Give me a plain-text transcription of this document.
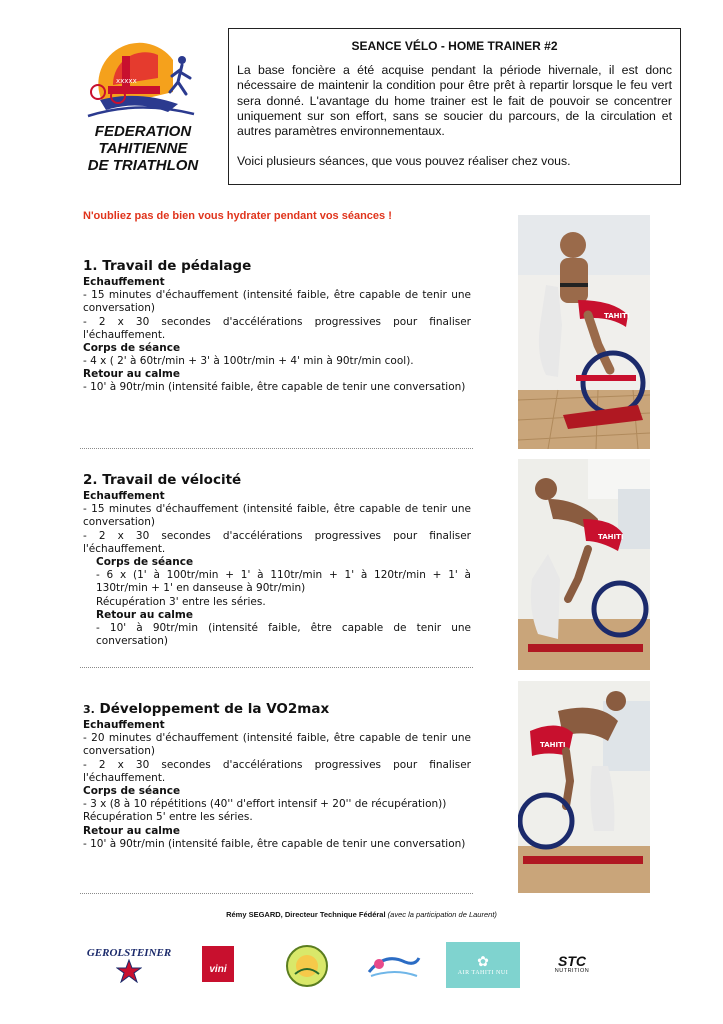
xxxxx
FEDERATION
TAHITIENNE
DE TRIATHLON
SEANCE VÉLO - HOME TRAINER #2

La base foncière a été acquise pendant la période hivernale, il est donc nécessaire de maintenir la condition pour être prêt à repartir lorsque le feu vert sera donné. L'avantage du home trainer est le fait de pouvoir se concentrer uniquement sur son effort, sans se soucier du parcours, de la circulation et autres paramètres environnementaux.

Voici plusieurs séances, que vous pouvez réaliser chez vous.

N'oubliez pas de bien vous hydrater pendant vos séances !
1. Travail de pédalage
Echauffement
- 15 minutes d'échauffement (intensité faible, être capable de tenir une conversation)
- 2 x 30 secondes d'accélérations progressives pour finaliser l'échauffement.
Corps de séance
- 4 x ( 2' à 60tr/min + 3' à 100tr/min + 4' min à 90tr/min cool).
Retour au calme
- 10' à 90tr/min (intensité faible, être capable de tenir une conversation)
2. Travail de vélocité
Echauffement
- 15 minutes d'échauffement (intensité faible, être capable de tenir une conversation)
- 2 x 30 secondes d'accélérations progressives pour finaliser l'échauffement.
Corps de séance
- 6 x (1' à 100tr/min + 1' à 110tr/min + 1' à 120tr/min + 1' à 130tr/min + 1' en danseuse à 90tr/min)
Récupération 3' entre les séries.
Retour au calme
- 10' à 90tr/min (intensité faible, être capable de tenir une conversation)
3. Développement de la VO2max
Echauffement
- 20 minutes d'échauffement (intensité faible, être capable de tenir une conversation)
- 2 x 30 secondes d'accélérations progressives pour finaliser l'échauffement.
Corps de séance
- 3 x (8 à 10 répétitions (40'' d'effort intensif + 20'' de récupération))
Récupération 5' entre les séries.
Retour au calme
- 10' à 90tr/min (intensité faible, être capable de tenir une conversation)
TAHITI
TAHITI
TAHITI
Rémy SEGARD, Directeur Technique Fédéral (avec la participation de Laurent)
GEROLSTEINER
vini	✿
AIR TAHITI NUI
STC
NUTRITION
